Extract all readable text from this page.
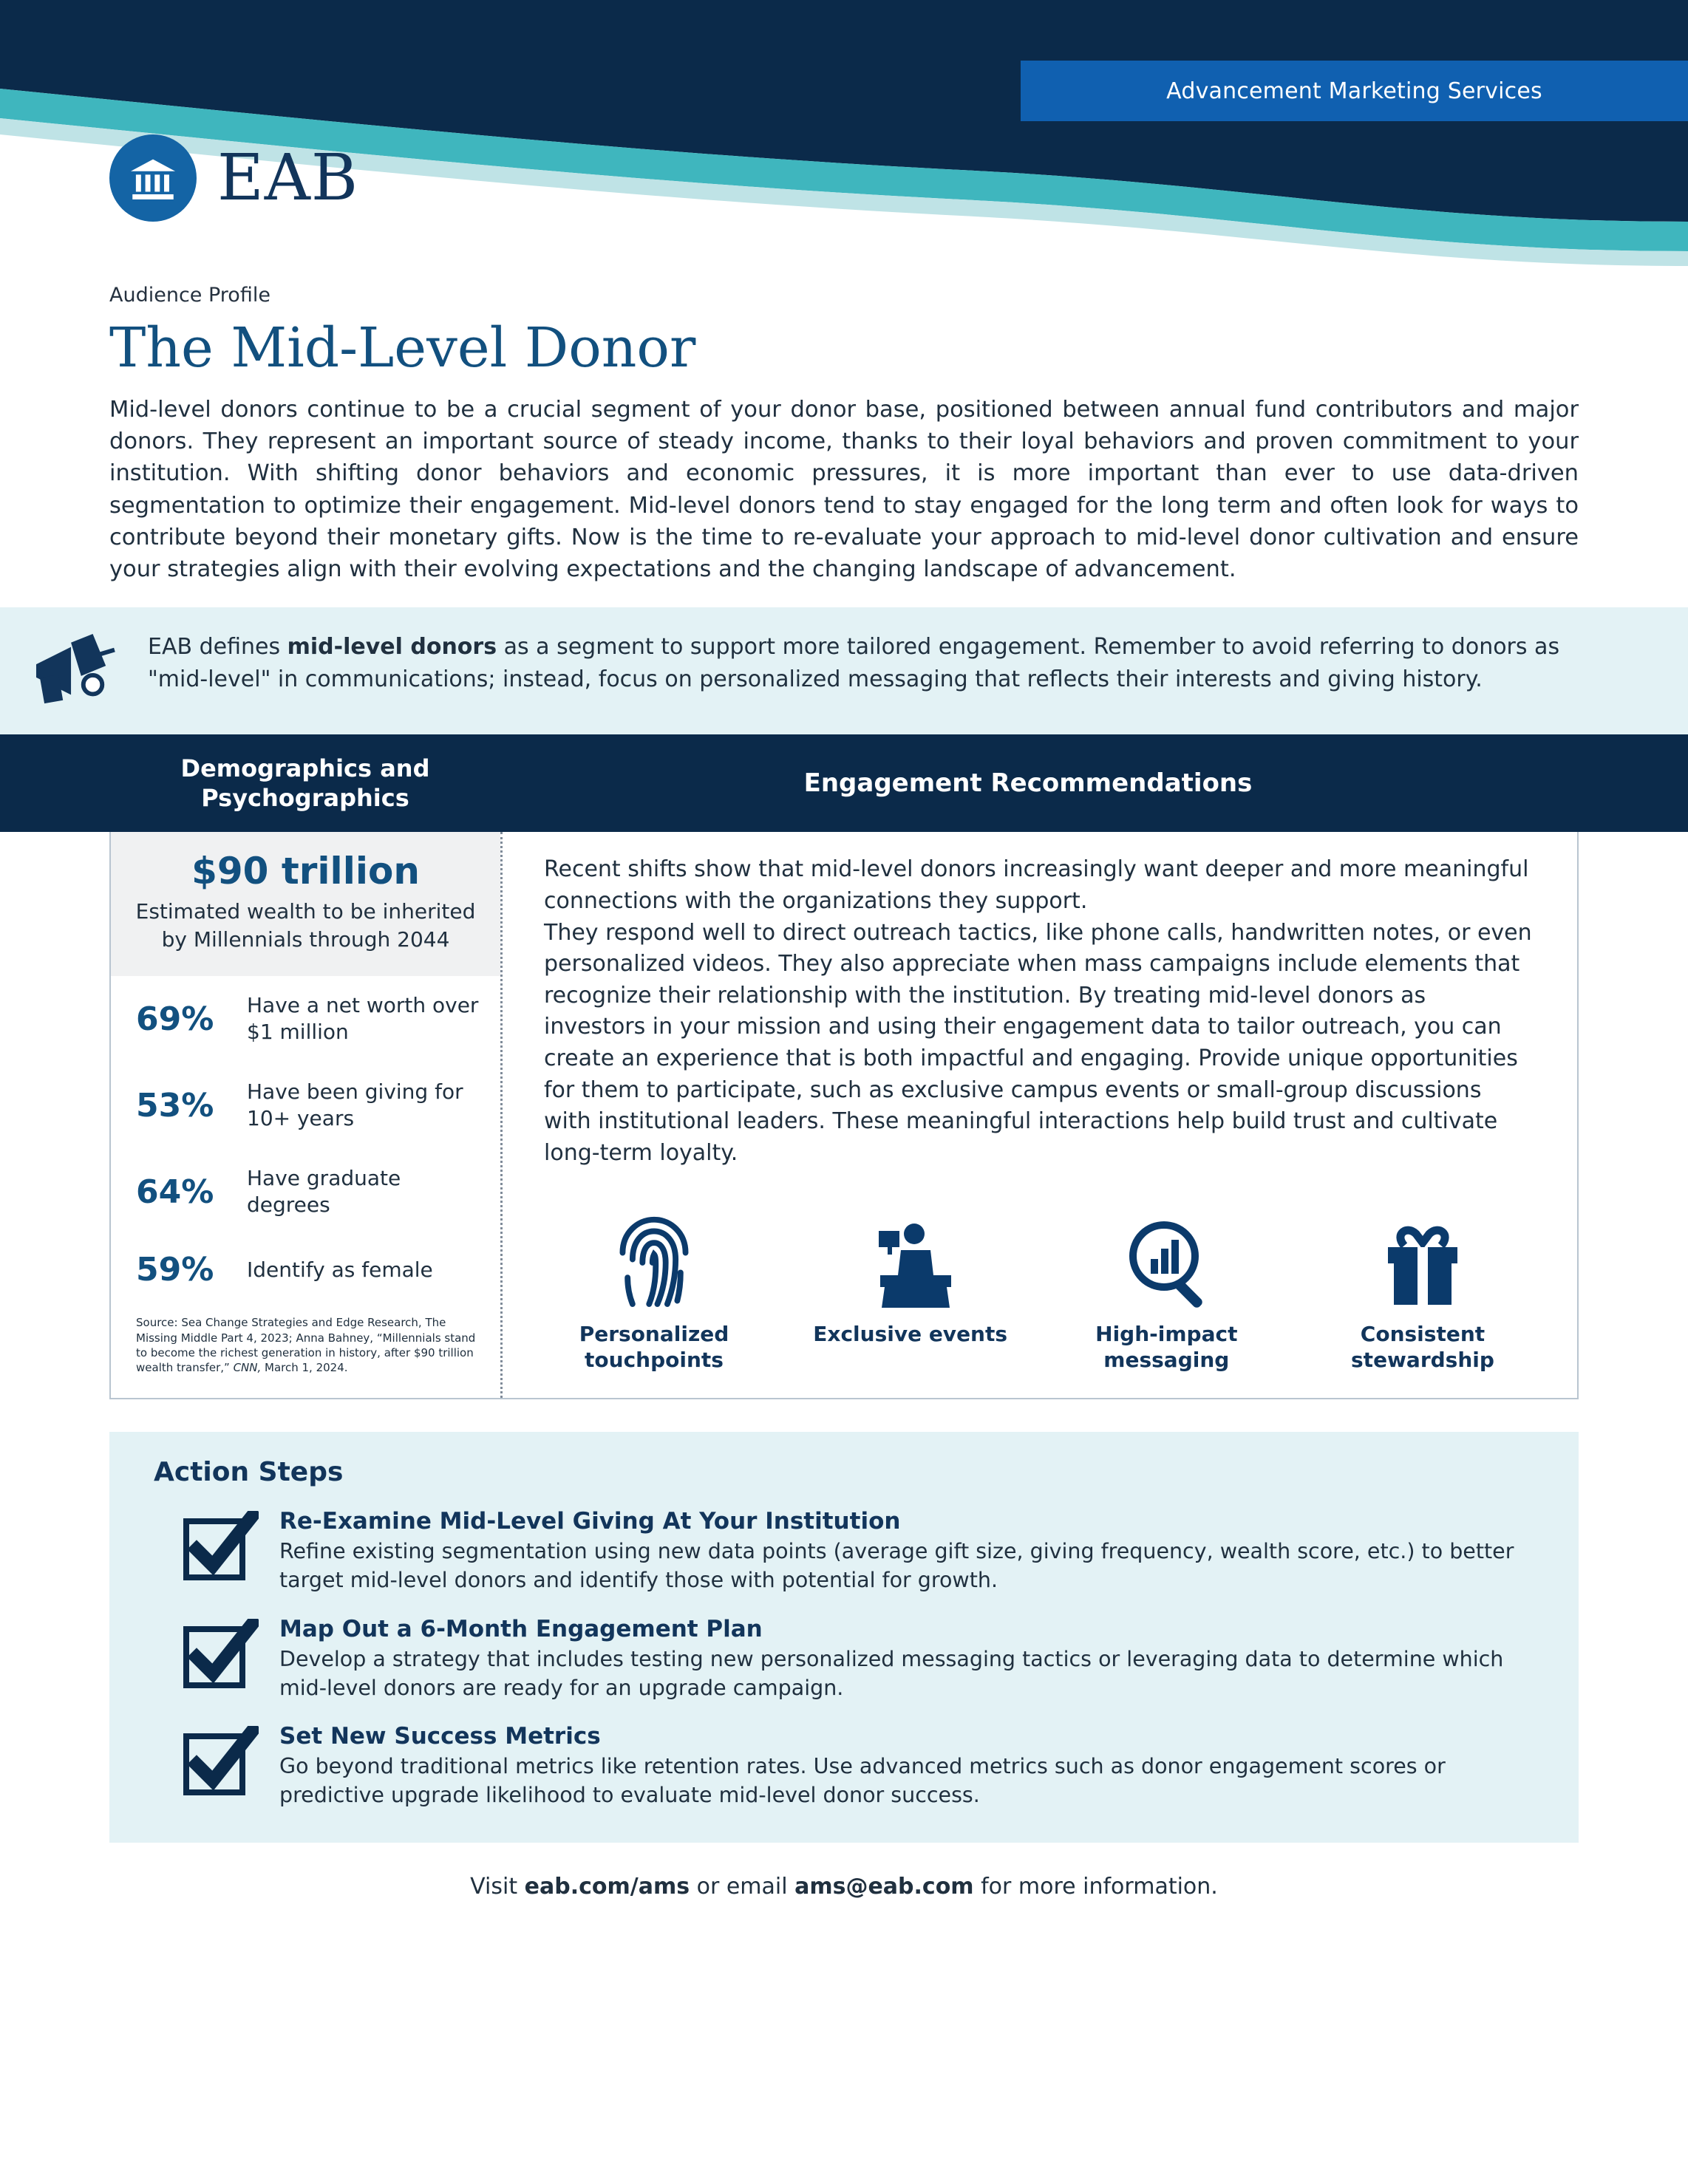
Advancement Marketing Services
EAB
Audience Profile
The Mid-Level Donor
Mid-level donors continue to be a crucial segment of your donor base, positioned between annual fund contributors and major donors. They represent an important source of steady income, thanks to their loyal behaviors and proven commitment to your institution. With shifting donor behaviors and economic pressures, it is more important than ever to use data-driven segmentation to optimize their engagement. Mid-level donors tend to stay engaged for the long term and often look for ways to contribute beyond their monetary gifts. Now is the time to re-evaluate your approach to mid-level donor cultivation and ensure your strategies align with their evolving expectations and the changing landscape of advancement.
EAB defines mid-level donors as a segment to support more tailored engagement. Remember to avoid referring to donors as "mid-level" in communications; instead, focus on personalized messaging that reflects their interests and giving history.
Demographics and Psychographics	Engagement Recommendations
$90 trillion
Estimated wealth to be inherited by Millennials through 2044
69%	Have a net worth over $1 million
53%	Have been giving for 10+ years
64%	Have graduate degrees
59%	Identify as female
Source: Sea Change Strategies and Edge Research, The Missing Middle Part 4, 2023; Anna Bahney, “Millennials stand to become the richest generation in history, after $90 trillion wealth transfer,” CNN, March 1, 2024.

Recent shifts show that mid-level donors increasingly want deeper and more meaningful connections with the organizations they support.

They respond well to direct outreach tactics, like phone calls, handwritten notes, or even personalized videos. They also appreciate when mass campaigns include elements that recognize their relationship with the institution. By treating mid-level donors as investors in your mission and using their engagement data to tailor outreach, you can create an experience that is both impactful and engaging. Provide unique opportunities for them to participate, such as exclusive campus events or small-group discussions with institutional leaders. These meaningful interactions help build trust and cultivate long-term loyalty.

Personalized touchpoints
Exclusive events	High-impact messaging
Consistent stewardship
Action Steps
Re-Examine Mid-Level Giving At Your Institution
Refine existing segmentation using new data points (average gift size, giving frequency, wealth score, etc.) to better target mid-level donors and identify those with potential for growth.
Map Out a 6-Month Engagement Plan
Develop a strategy that includes testing new personalized messaging tactics or leveraging data to determine which mid-level donors are ready for an upgrade campaign.
Set New Success Metrics
Go beyond traditional metrics like retention rates. Use advanced metrics such as donor engagement scores or predictive upgrade likelihood to evaluate mid-level donor success.
Visit eab.com/ams or email ams@eab.com for more information.
